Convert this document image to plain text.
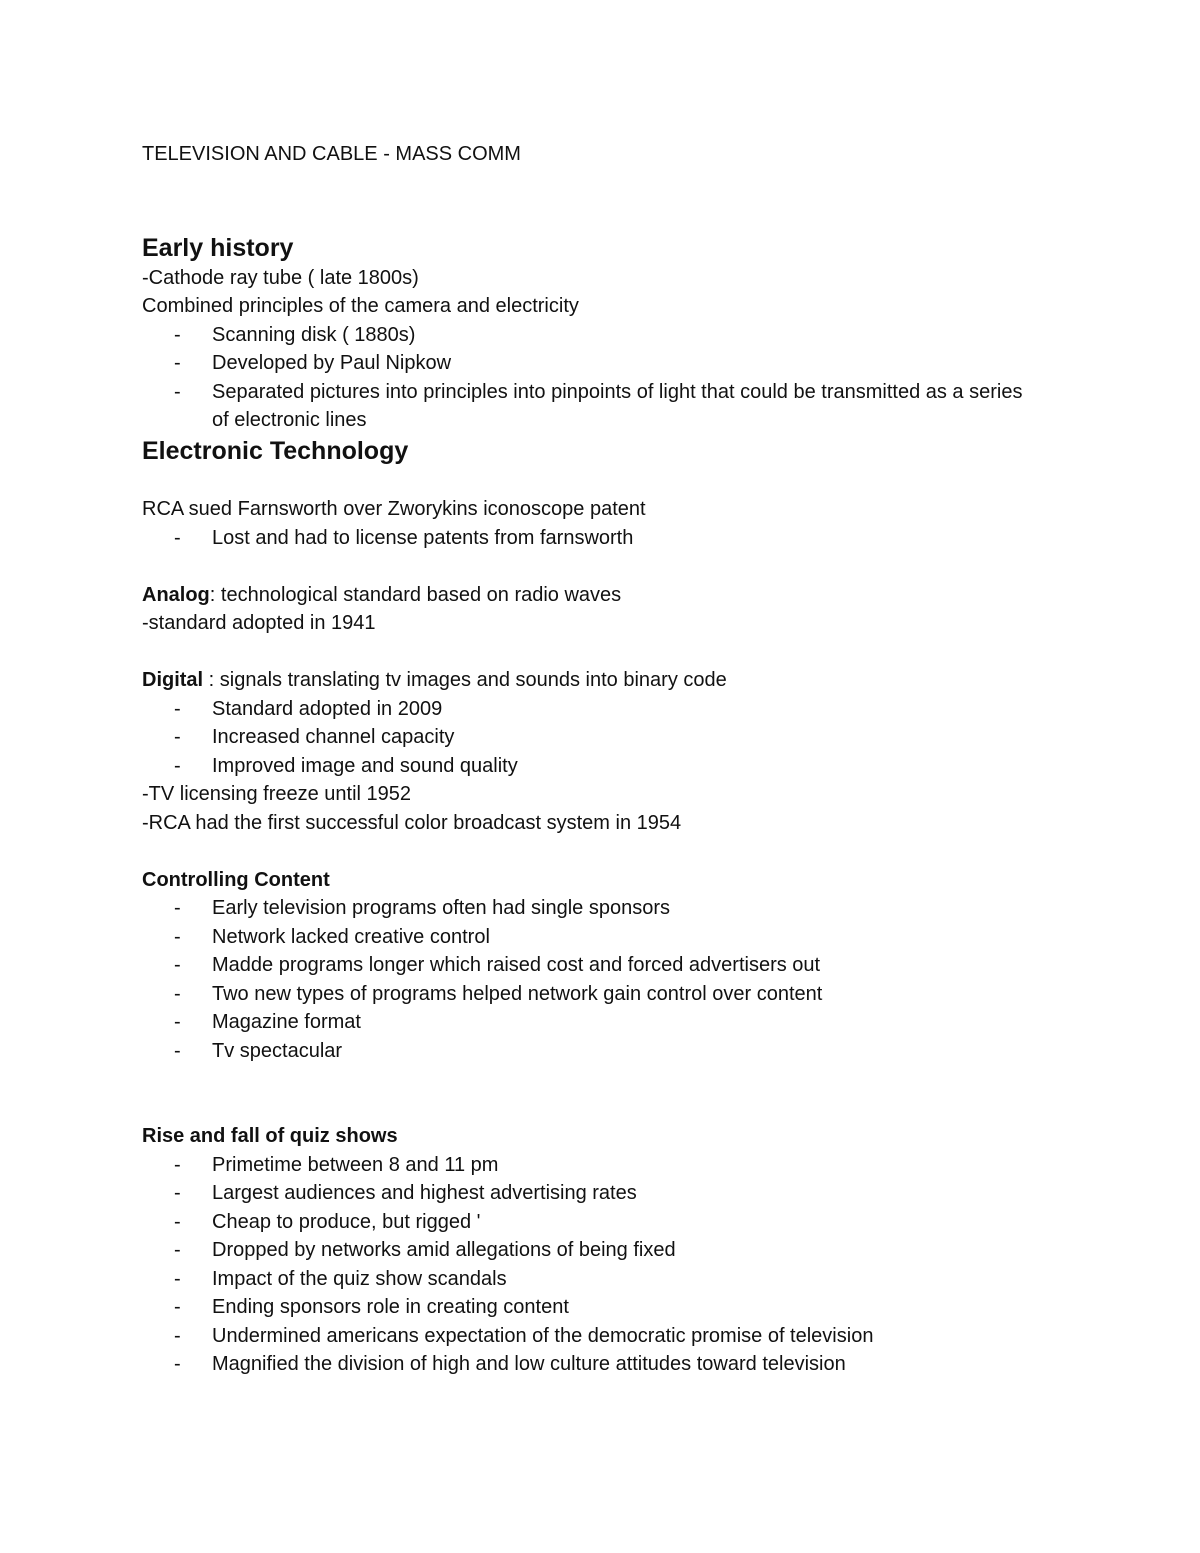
TELEVISION AND CABLE - MASS COMM

Early history

-Cathode ray tube ( late 1800s)

Combined principles of the camera and electricity

- Scanning disk ( 1880s)
- Developed by Paul Nipkow
- Separated pictures into principles into pinpoints of light that could be transmitted as a series of electronic lines
Electronic Technology

RCA sued Farnsworth over Zworykins iconoscope patent

- Lost and had to license patents from farnsworth

Analog: technological standard based on radio waves

-standard adopted in 1941

Digital : signals translating tv images and sounds into binary code

- Standard adopted in 2009
- Increased channel capacity
- Improved image and sound quality

-TV licensing freeze until 1952

-RCA had the first successful color broadcast system in 1954

Controlling Content

- Early television programs often had single sponsors
- Network lacked creative control
- Madde programs longer which raised cost and forced advertisers out
- Two new types of programs helped network gain control over content
- Magazine format
- Tv spectacular

Rise and fall of quiz shows

- Primetime between 8 and 11 pm
- Largest audiences and highest advertising rates
- Cheap to produce, but rigged '
- Dropped by networks amid allegations of being fixed
- Impact of the quiz show scandals
- Ending sponsors role in creating content
- Undermined americans expectation of the democratic promise of television
- Magnified the division of high and low culture attitudes toward television
